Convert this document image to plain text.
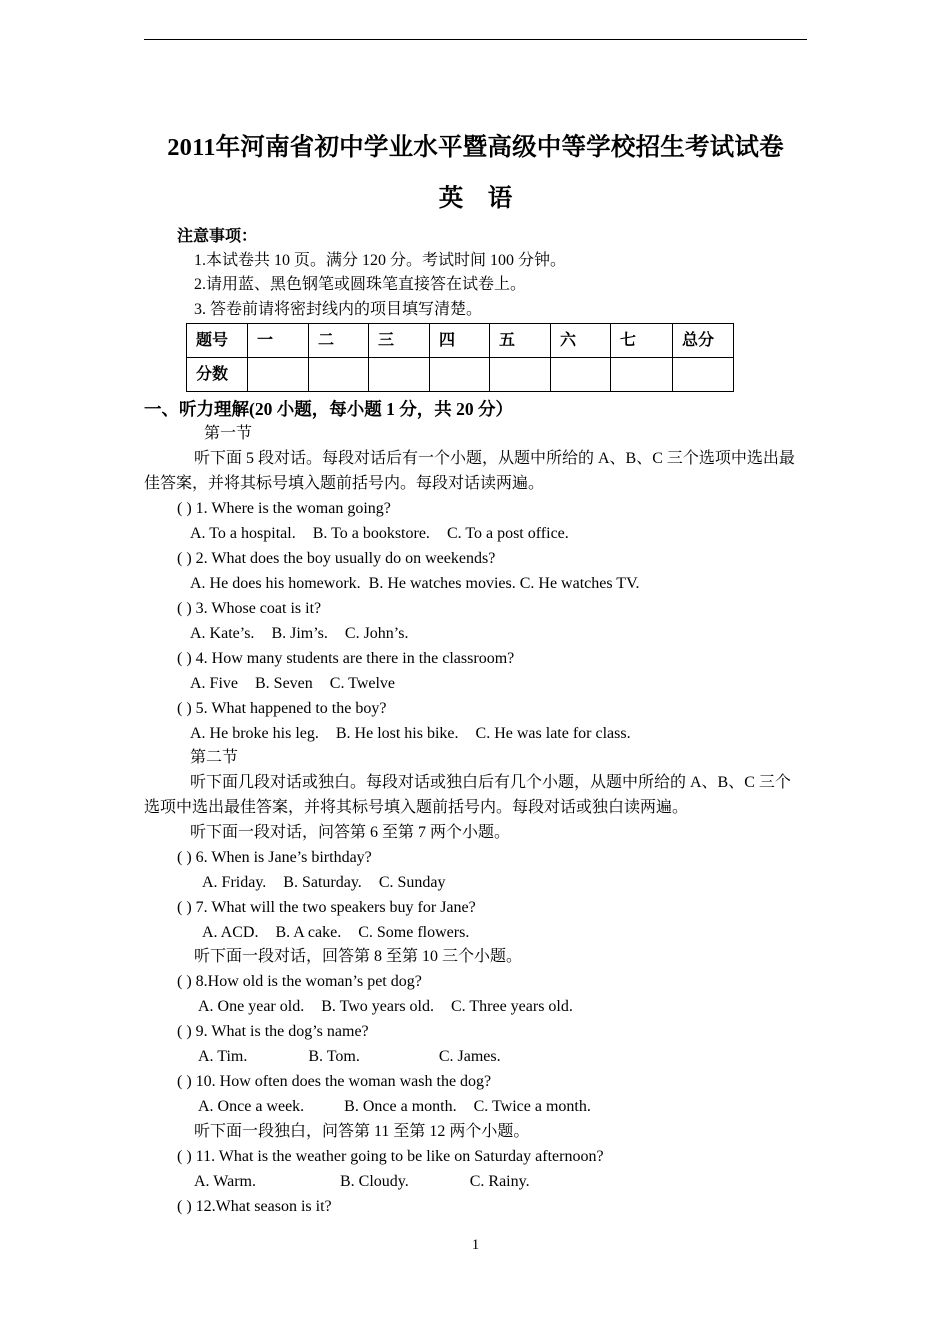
2011年河南省初中学业水平暨高级中等学校招生考试试卷
英　语
注意事项：
1.本试卷共 10 页。满分 120 分。考试时间 100 分钟。
2.请用蓝、黑色钢笔或圆珠笔直接答在试卷上。
3. 答卷前请将密封线内的项目填写清楚。
题号	一	二	三	四	五	六	七	总分
分数								
一、听力理解(20 小题，每小题 1 分，共 20 分）
第一节
听下面 5 段对话。每段对话后有一个小题，从题中所给的 A、B、C 三个选项中选出最
佳答案，并将其标号填入题前括号内。每段对话读两遍。
( ) 1. Where is the woman going?
A. To a hospital. B. To a bookstore. C. To a post office.
( ) 2. What does the boy usually do on weekends?
A. He does his homework. B. He watches movies. C. He watches TV.
( ) 3. Whose coat is it?
A. Kate’s. B. Jim’s. C. John’s.
( ) 4. How many students are there in the classroom?
A. Five B. Seven C. Twelve
( ) 5. What happened to the boy?
A. He broke his leg. B. He lost his bike. C. He was late for class.
第二节
听下面几段对话或独白。每段对话或独白后有几个小题，从题中所给的 A、B、C 三个
选项中选出最佳答案，并将其标号填入题前括号内。每段对话或独白读两遍。
听下面一段对话，问答第 6 至第 7 两个小题。
( ) 6. When is Jane’s birthday?
A. Friday. B. Saturday. C. Sunday
( ) 7. What will the two speakers buy for Jane?
A. ACD. B. A cake. C. Some flowers.
听下面一段对话，回答第 8 至第 10 三个小题。
( ) 8.How old is the woman’s pet dog?
A. One year old. B. Two years old. C. Three years old.
( ) 9. What is the dog’s name?
A. Tim.	B. Tom.	C. James.
( ) 10. How often does the woman wash the dog?
A. Once a week.	B. Once a month. C. Twice a month.
听下面一段独白，问答第 11 至第 12 两个小题。
( ) 11. What is the weather going to be like on Saturday afternoon?
A. Warm.	B. Cloudy.	C. Rainy.
( ) 12.What season is it?
1
